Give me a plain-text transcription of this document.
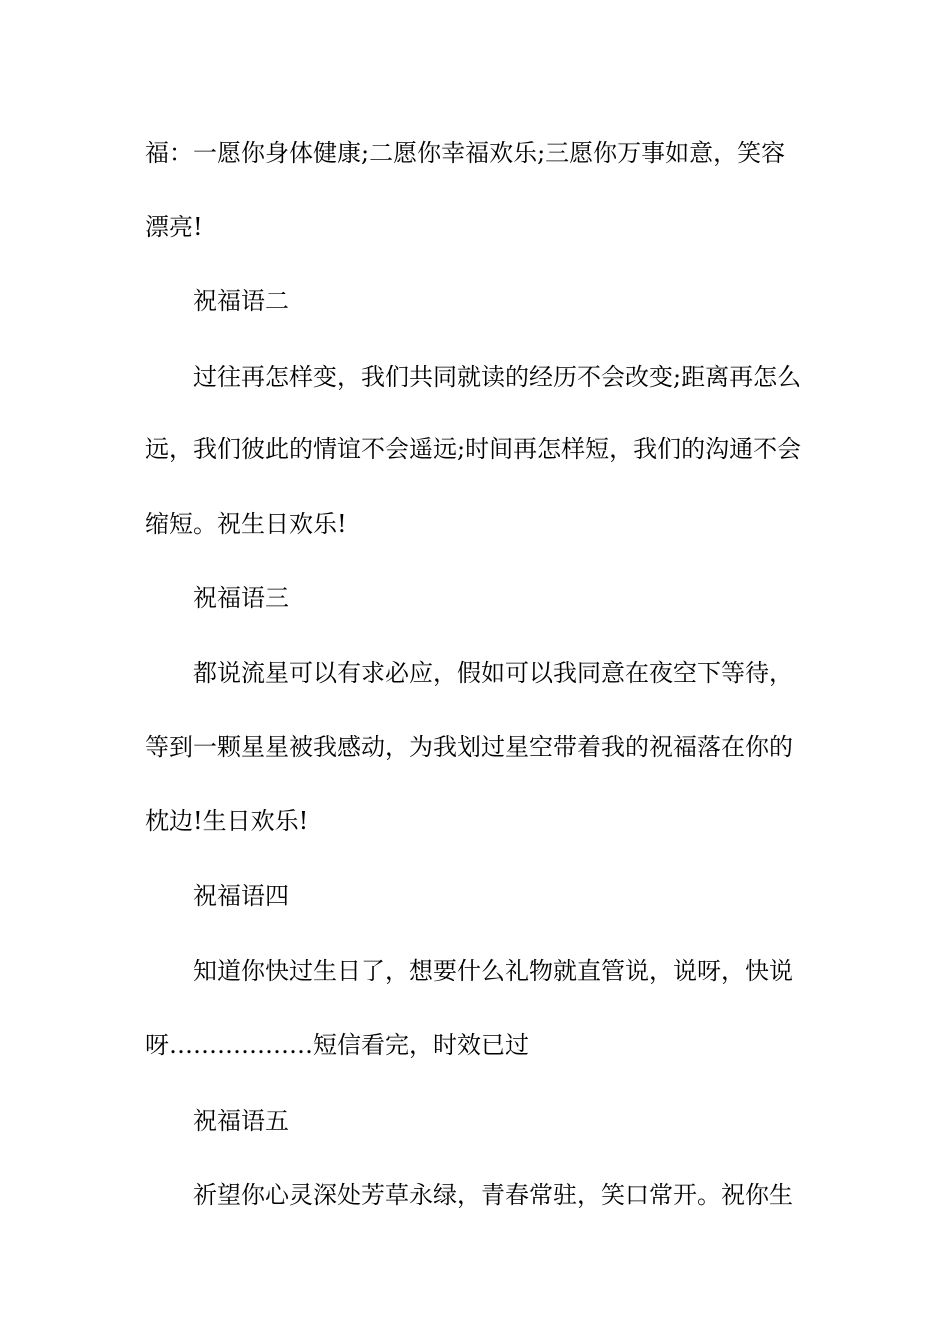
福：一愿你身体健康;二愿你幸福欢乐;三愿你万事如意，笑容
漂亮!
祝福语二
过往再怎样变，我们共同就读的经历不会改变;距离再怎么
远，我们彼此的情谊不会遥远;时间再怎样短，我们的沟通不会
缩短。祝生日欢乐!
祝福语三
都说流星可以有求必应，假如可以我同意在夜空下等待，
等到一颗星星被我感动，为我划过星空带着我的祝福落在你的
枕边!生日欢乐!
祝福语四
知道你快过生日了，想要什么礼物就直管说，说呀，快说
呀………………短信看完，时效已过
祝福语五
祈望你心灵深处芳草永绿，青春常驻，笑口常开。祝你生
